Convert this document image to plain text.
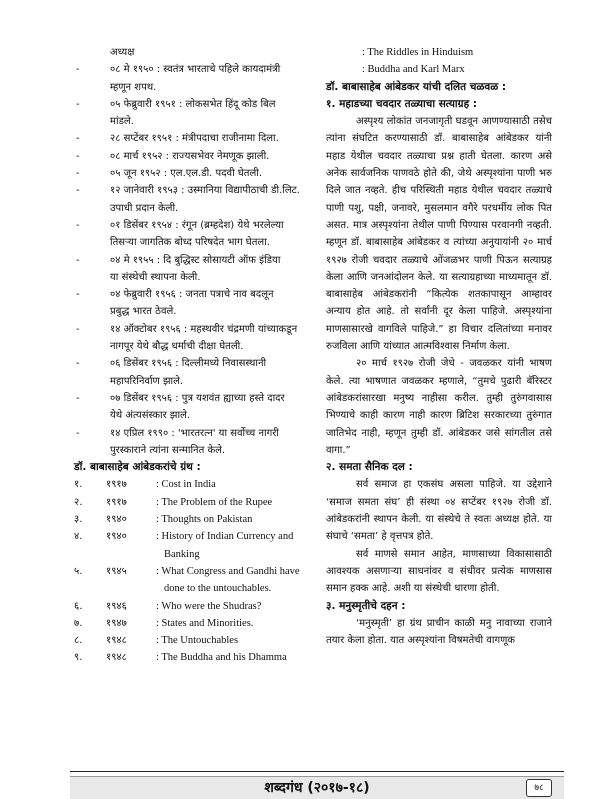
अध्यक्ष
-	०८ मे १९५० : स्वतंत्र भारताचे पहिले कायदामंत्री
म्हणून शपथ.
-	०५ फेब्रुवारी १९५१ : लोकसभेत हिंदू कोड बिल
मांडले.
-	२८ सप्टेंबर १९५१ : मंत्रीपदाचा राजीनामा दिला.
-	०८ मार्च १९५२ : राज्यसभेवर नेमणूक झाली.
-	०५ जून १९५२ : एल.एल.डी. पदवी घेतली.
-	१२ जानेवारी १९५३ : उस्मानिया विद्यापीठाची डी.लिट.
उपाधी प्रदान केली.
-	०१ डिसेंबर १९५४ : रंगून (ब्रम्हदेश) येथे भरलेल्या
तिसऱ्या जागतिक बोध्द परिषदेत भाग घेतला.
-	०४ मे १९५५ : दि बुद्धिस्ट सोसायटी ऑफ इंडिया
या संस्थेची स्थापना केली.
-	०४ फेब्रुवारी १९५६ : जनता पत्राचे नाव बदलून
प्रबुद्ध भारत ठेवले.
-	१४ ऑक्टोबर १९५६ : महस्थवीर चंद्रमणी यांच्याकडून
नागपूर येथे बौद्ध धर्माची दीक्षा घेतली.
-	०६ डिसेंबर १९५६ : दिल्लीमध्ये निवासस्थानी
महापरिनिर्वाण झाले.
-	०७ डिसेंबर १९५६ : पुत्र यशवंत ह्याच्या हस्ते दादर
येथे अंत्यसंस्कार झाले.
-	१४ एप्रिल १९९० : 'भारतरत्न' या सर्वोच्च नागरी
पुरस्काराने त्यांना सन्मानित केले.
डॉ. बाबासाहेब आंबेडकरांचे ग्रंथ :
१.	१९१७	: Cost in India
२.	१९१७	: The Problem of the Rupee
३.	१९४०	: Thoughts on Pakistan
४.	१९४०	: History of Indian Currency and
Banking
५.	१९४५	: What Congress and Gandhi have
done to the untouchables.
६.	१९४६	: Who were the Shudras?
७.	१९४७	: States and Minorities.
८.	१९४८	: The Untouchables
९.	१९४८	: The Buddha and his Dhamma
: The Riddles in Hinduism
: Buddha and Karl Marx
डॉ. बाबासाहेब आंबेडकर यांची दलित चळवळ :
१. महाडच्या चवदार तळ्याचा सत्याग्रह :
अस्पृश्य लोकांत जनजागृती घडवून आणण्यासाठी तसेच त्यांना संघटित करण्यासाठी डॉ. बाबासाहेब आंबेडकर यांनी महाड येथील चवदार तळ्याचा प्रश्न हाती घेतला. कारण असे अनेक सार्वजनिक पाणवठे होते की, जेथे अस्पृश्यांना पाणी भरु दिले जात नव्हते. हीच परिस्थिती महाड येथील चवदार तळ्याचे पाणी पशु, पक्षी, जनावरे, मुसलमान वगैरे परधर्मीय लोक पित असत. मात्र अस्पृश्यांना तेथील पाणी पिण्यास परवानगी नव्हती. म्हणून डॉ. बाबासाहेब आंबेडकर व त्यांच्या अनुयायांनी २० मार्च १९२७ रोजी चवदार तळ्याचे ओंजळभर पाणी पिऊन सत्याग्रह केला आणि जनआंदोलन केले. या सत्याग्रहाच्या माध्यमातून डॉ. बाबासाहेब आंबेडकरांनी “कित्येक शतकापासून आम्हावर अन्याय होत आहे. तो सर्वांनी दूर केला पाहिजे. अस्पृश्यांना माणसासारखे वागविले पाहिजे.” हा विचार दलितांच्या मनावर रुजविला आणि यांच्यात आत्मविश्वास निर्माण केला.
२० मार्च १९२७ रोजी जेधे - जवळकर यांनी भाषण केले. त्या भाषणात जवळकर म्हणाले, “तुमचे पुढारी बॅरिस्टर आंबेडकरांसारखा मनुष्य नाहीसा करील. तुम्ही तुरुंगवासास भिण्याचे काही कारण नाही कारण ब्रिटिश सरकारच्या तुरुंगात जातिभेद नाही, म्हणून तुम्ही डॉ. आंबेडकर जसे सांगतील तसे वागा.”
२. समता सैनिक दल :
सर्व समाज हा एकसंघ असला पाहिजे. या उद्देशाने ‘समाज समता संघ’ ही संस्था ०४ सप्टेंबर १९२७ रोजी डॉ. आंबेडकरांनी स्थापन केली. या संस्थेचे ते स्वतः अध्यक्ष होते. या संघाचे ‘समता’ हे वृत्तपत्र होते.
सर्व माणसे समान आहेत, माणसाच्या विकासासाठी आवश्यक असणाऱ्या साधनांवर व संधीवर प्रत्येक माणसास समान हक्क आहे. अशी या संस्थेची धारणा होती.
३. मनुस्मृतीचे दहन :
‘मनुस्मृती’ हा ग्रंथ प्राचीन काळी मनु नावाच्या राजाने तयार केला होता. यात अस्पृश्यांना विषमतेची वागणूक
शब्दगंध (२०१७-१८)	७८
